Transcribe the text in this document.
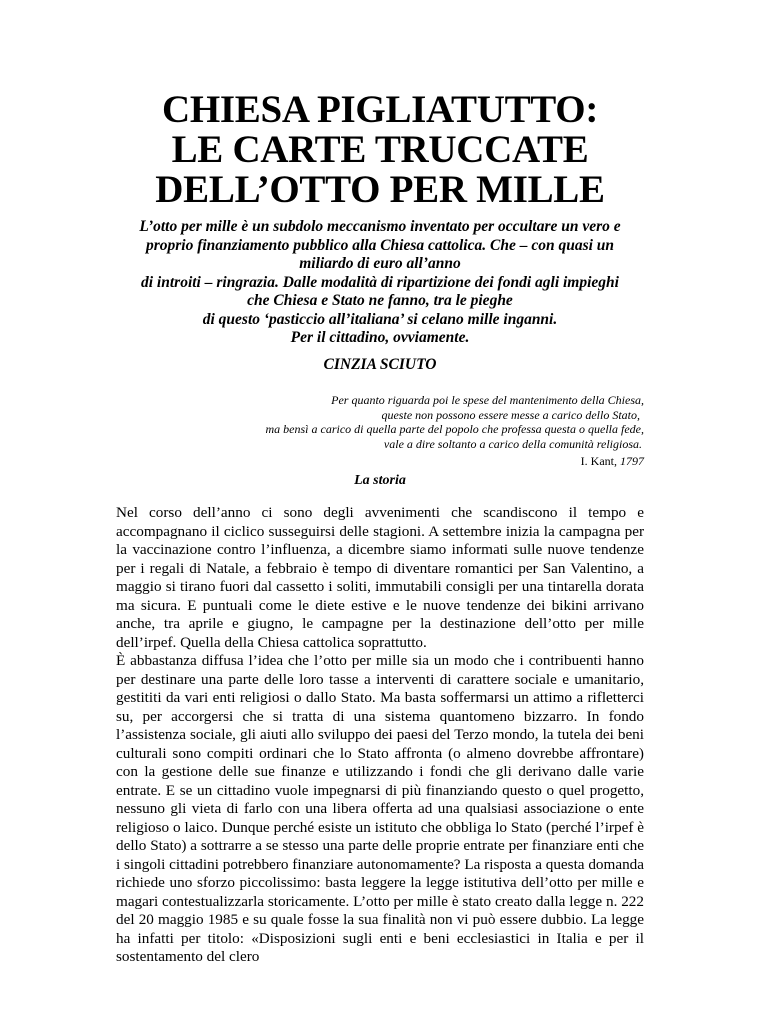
CHIESA PIGLIATUTTO:
LE CARTE TRUCCATE
DELL’OTTO PER MILLE
L’otto per mille è un subdolo meccanismo inventato per occultare un vero e
proprio finanziamento pubblico alla Chiesa cattolica. Che – con quasi un
miliardo di euro all’anno
di introiti – ringrazia. Dalle modalità di ripartizione dei fondi agli impieghi
che Chiesa e Stato ne fanno, tra le pieghe
di questo ‘pasticcio all’italiana’ si celano mille inganni.
Per il cittadino, ovviamente.

CINZIA SCIUTO

Per quanto riguarda poi le spese del mantenimento della Chiesa,
queste non possono essere messe a carico dello Stato,
ma bensì a carico di quella parte del popolo che professa questa o quella fede,
vale a dire soltanto a carico della comunità religiosa.

I. Kant, 1797

La storia

Nel corso dell’anno ci sono degli avvenimenti che scandiscono il tempo e accompagnano il ciclico susseguirsi delle stagioni. A settembre inizia la campagna per la vaccinazione contro l’influenza, a dicembre siamo informati sulle nuove tendenze per i regali di Natale, a febbraio è tempo di diventare romantici per San Valentino, a maggio si tirano fuori dal cassetto i soliti, immutabili consigli per una tintarella dorata ma sicura. E puntuali come le diete estive e le nuove tendenze dei bikini arrivano anche, tra aprile e giugno, le campagne per la destinazione dell’otto per mille dell’irpef. Quella della Chiesa cattolica soprattutto.

È abbastanza diffusa l’idea che l’otto per mille sia un modo che i contribuenti hanno per destinare una parte delle loro tasse a interventi di carattere sociale e umanitario, gestititi da vari enti religiosi o dallo Stato. Ma basta soffermarsi un attimo a rifletterci su, per accorgersi che si tratta di una sistema quantomeno bizzarro. In fondo l’assistenza sociale, gli aiuti allo sviluppo dei paesi del Terzo mondo, la tutela dei beni culturali sono compiti ordinari che lo Stato affronta (o almeno dovrebbe affrontare) con la gestione delle sue finanze e utilizzando i fondi che gli derivano dalle varie entrate. E se un cittadino vuole impegnarsi di più finanziando questo o quel progetto, nessuno gli vieta di farlo con una libera offerta ad una qualsiasi associazione o ente religioso o laico. Dunque perché esiste un istituto che obbliga lo Stato (perché l’irpef è dello Stato) a sottrarre a se stesso una parte delle proprie entrate per finanziare enti che i singoli cittadini potrebbero finanziare autonomamente? La risposta a questa domanda richiede uno sforzo piccolissimo: basta leggere la legge istitutiva dell’otto per mille e magari contestualizzarla storicamente. L’otto per mille è stato creato dalla legge n. 222 del 20 maggio 1985 e su quale fosse la sua finalità non vi può essere dubbio. La legge ha infatti per titolo: «Disposizioni sugli enti e beni ecclesiastici in Italia e per il sostentamento del clero
